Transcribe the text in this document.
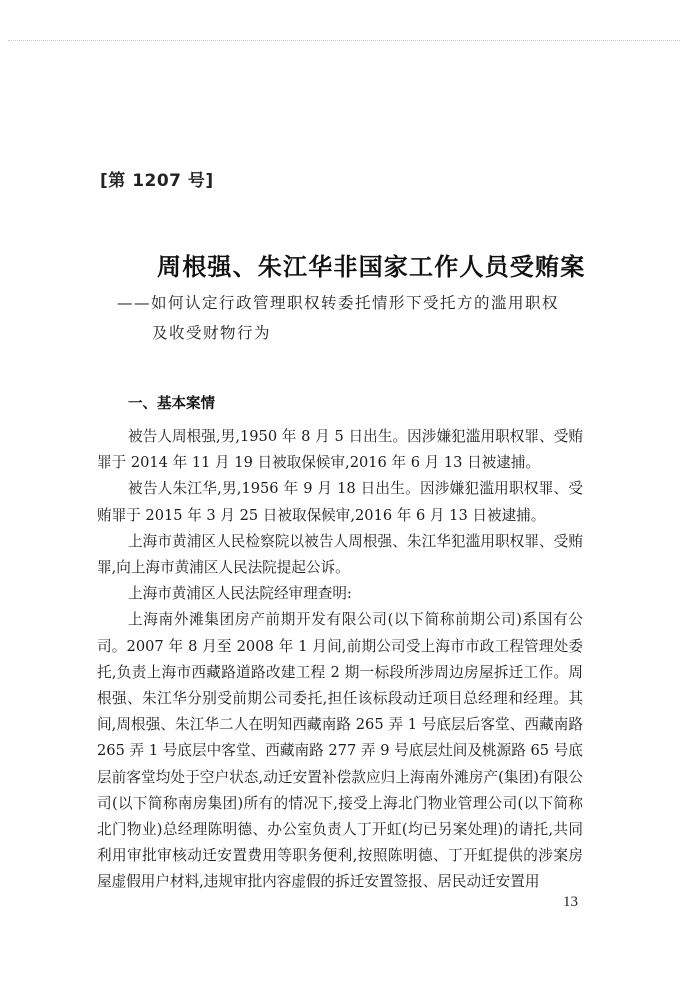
[第 1207 号]
周根强、朱江华非国家工作人员受贿案
——如何认定行政管理职权转委托情形下受托方的滥用职权
及收受财物行为
一、基本案情

被告人周根强,男,1950 年 8 月 5 日出生。因涉嫌犯滥用职权罪、受贿罪于 2014 年 11 月 19 日被取保候审,2016 年 6 月 13 日被逮捕。

被告人朱江华,男,1956 年 9 月 18 日出生。因涉嫌犯滥用职权罪、受贿罪于 2015 年 3 月 25 日被取保候审,2016 年 6 月 13 日被逮捕。

上海市黄浦区人民检察院以被告人周根强、朱江华犯滥用职权罪、受贿罪,向上海市黄浦区人民法院提起公诉。

上海市黄浦区人民法院经审理查明:

上海南外滩集团房产前期开发有限公司(以下简称前期公司)系国有公司。2007 年 8 月至 2008 年 1 月间,前期公司受上海市市政工程管理处委托,负责上海市西藏路道路改建工程 2 期一标段所涉周边房屋拆迁工作。周根强、朱江华分别受前期公司委托,担任该标段动迁项目总经理和经理。其间,周根强、朱江华二人在明知西藏南路 265 弄 1 号底层后客堂、西藏南路 265 弄 1 号底层中客堂、西藏南路 277 弄 9 号底层灶间及桃源路 65 号底层前客堂均处于空户状态,动迁安置补偿款应归上海南外滩房产(集团)有限公司(以下简称南房集团)所有的情况下,接受上海北门物业管理公司(以下简称北门物业)总经理陈明德、办公室负责人丁开虹(均已另案处理)的请托,共同利用审批审核动迁安置费用等职务便利,按照陈明德、丁开虹提供的涉案房屋虚假用户材料,违规审批内容虚假的拆迁安置签报、居民动迁安置用

13
